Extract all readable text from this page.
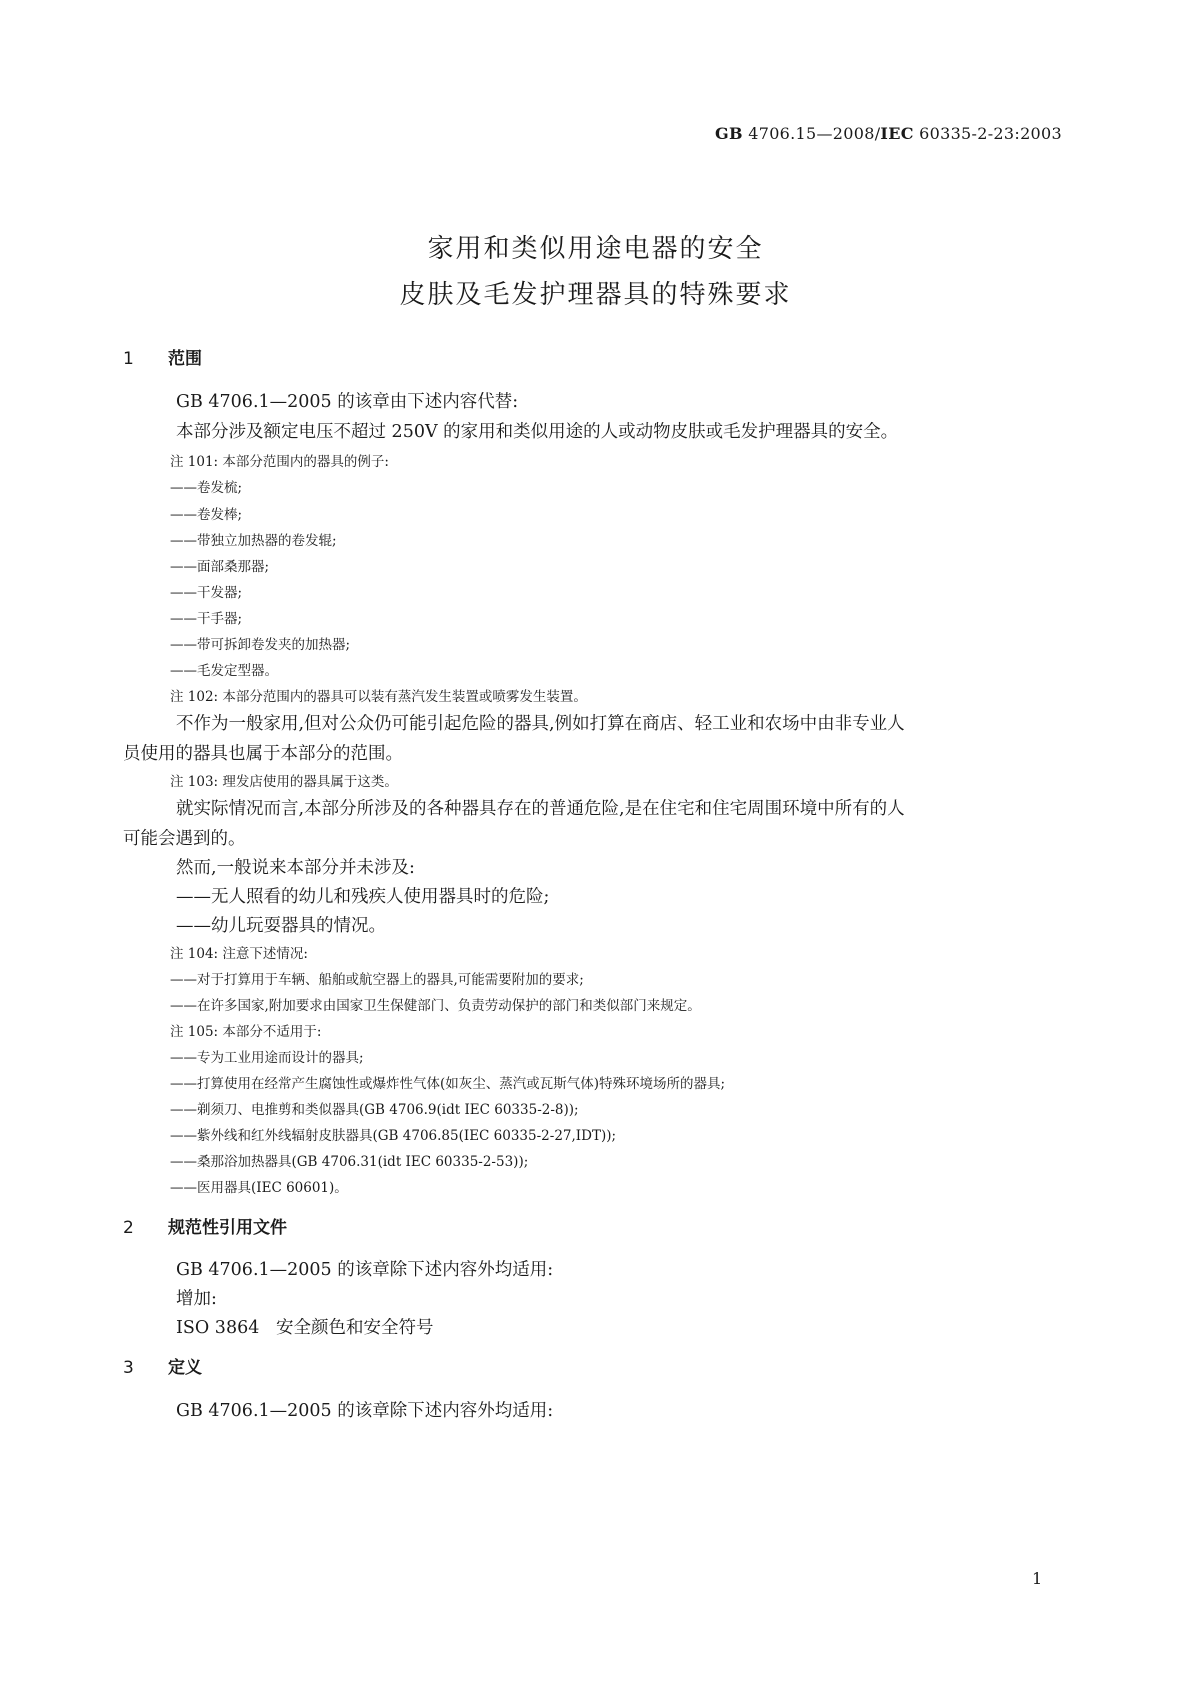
GB 4706.15—2008/IEC 60335-2-23:2003
家用和类似用途电器的安全
皮肤及毛发护理器具的特殊要求
1 范围
GB 4706.1—2005 的该章由下述内容代替:
本部分涉及额定电压不超过 250V 的家用和类似用途的人或动物皮肤或毛发护理器具的安全。
注 101: 本部分范围内的器具的例子:
——卷发梳;
——卷发棒;
——带独立加热器的卷发辊;
——面部桑那器;
——干发器;
——干手器;
——带可拆卸卷发夹的加热器;
——毛发定型器。
注 102: 本部分范围内的器具可以装有蒸汽发生装置或喷雾发生装置。
不作为一般家用,但对公众仍可能引起危险的器具,例如打算在商店、轻工业和农场中由非专业人
员使用的器具也属于本部分的范围。
注 103: 理发店使用的器具属于这类。
就实际情况而言,本部分所涉及的各种器具存在的普通危险,是在住宅和住宅周围环境中所有的人
可能会遇到的。
然而,一般说来本部分并未涉及:
——无人照看的幼儿和残疾人使用器具时的危险;
——幼儿玩耍器具的情况。
注 104: 注意下述情况:
——对于打算用于车辆、船舶或航空器上的器具,可能需要附加的要求;
——在许多国家,附加要求由国家卫生保健部门、负责劳动保护的部门和类似部门来规定。
注 105: 本部分不适用于:
——专为工业用途而设计的器具;
——打算使用在经常产生腐蚀性或爆炸性气体(如灰尘、蒸汽或瓦斯气体)特殊环境场所的器具;
——剃须刀、电推剪和类似器具(GB 4706.9(idt IEC 60335-2-8));
——紫外线和红外线辐射皮肤器具(GB 4706.85(IEC 60335-2-27,IDT));
——桑那浴加热器具(GB 4706.31(idt IEC 60335-2-53));
——医用器具(IEC 60601)。
2 规范性引用文件
GB 4706.1—2005 的该章除下述内容外均适用:
增加:
ISO 3864   安全颜色和安全符号
3 定义
GB 4706.1—2005 的该章除下述内容外均适用:
1
